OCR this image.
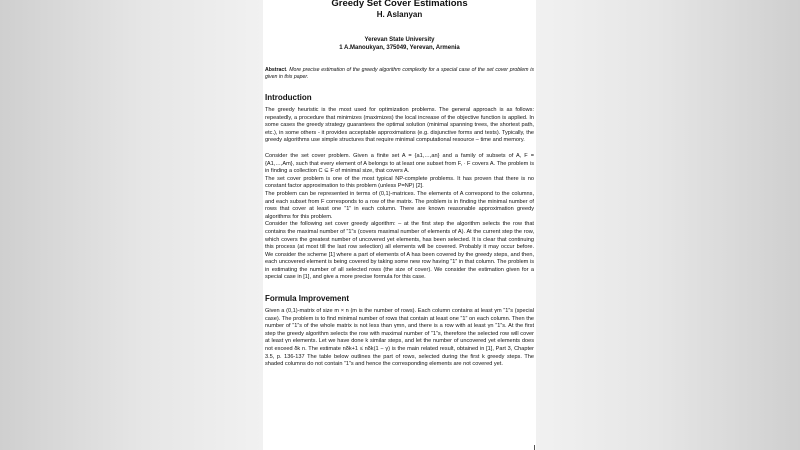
Greedy Set Cover Estimations
H. Aslanyan
Yerevan State University
1 A.Manoukyan, 375049, Yerevan, Armenia
Abstract. More precise estimation of the greedy algorithm complexity for a special case of the set cover problem is given in this paper.
Introduction

The greedy heuristic is the most used for optimization problems. The general approach is as follows: repeatedly, a procedure that minimizes (maximizes) the local increase of the objective function is applied. In some cases the greedy strategy guarantees the optimal solution (minimal spanning trees, the shortest path, etc.), in some others - it provides acceptable approximations (e.g. disjunctive forms and tests). Typically, the greedy algorithms use simple structures that require minimal computational resource – time and memory.

Consider the set cover problem. Given a finite set A = {a1,…,an} and a family of subsets of A, F = {A1,…,Am}, such that every element of A belongs to at least one subset from F, ∙ F covers A. The problem is in finding a collection C ⊆ F of minimal size, that covers A.

The set cover problem is one of the most typical NP-complete problems. It has proven that there is no constant factor approximation to this problem (unless P=NP) [2].

The problem can be represented in terms of (0,1)-matrices. The elements of A correspond to the columns, and each subset from F corresponds to a row of the matrix. The problem is in finding the minimal number of rows that cover at least one “1” in each column. There are known reasonable approximation greedy algorithms for this problem.

Consider the following set cover greedy algorithm: – at the first step the algorithm selects the row that contains the maximal number of “1”s (covers maximal number of elements of A). At the current step the row, which covers the greatest number of uncovered yet elements, has been selected. It is clear that continuing this process (at most till the last row selection) all elements will be covered. Probably it may occur before. We consider the scheme [1] where a part of elements of A has been covered by the greedy steps, and then, each uncovered element is being covered by taking some new row having “1” in that column. The problem is in estimating the number of all selected rows (the size of cover). We consider the estimation given for a special case in [1], and give a more precise formula for this case.

Formula Improvement

Given a (0,1)-matrix of size m × n (m is the number of rows). Each column contains at least γm “1”s (special case). The problem is to find minimal number of rows that contain at least one “1” on each column. Then the number of “1”s of the whole matrix is not less than γmn, and there is a row with at least γn “1”s. At the first step the greedy algorithm selects the row with maximal number of “1”s, therefore the selected row will cover at least γn elements. Let we have done k similar steps, and let the number of uncovered yet elements does not exceed δk n. The estimate nδk+1 ≤ nδk(1 − γ) is the main related result, obtained in [1], Part 3, Chapter 3.5, p. 136-137 The table below outlines the part of rows, selected during the first k greedy steps. The shaded columns do not contain “1”s and hence the corresponding elements are not covered yet.
